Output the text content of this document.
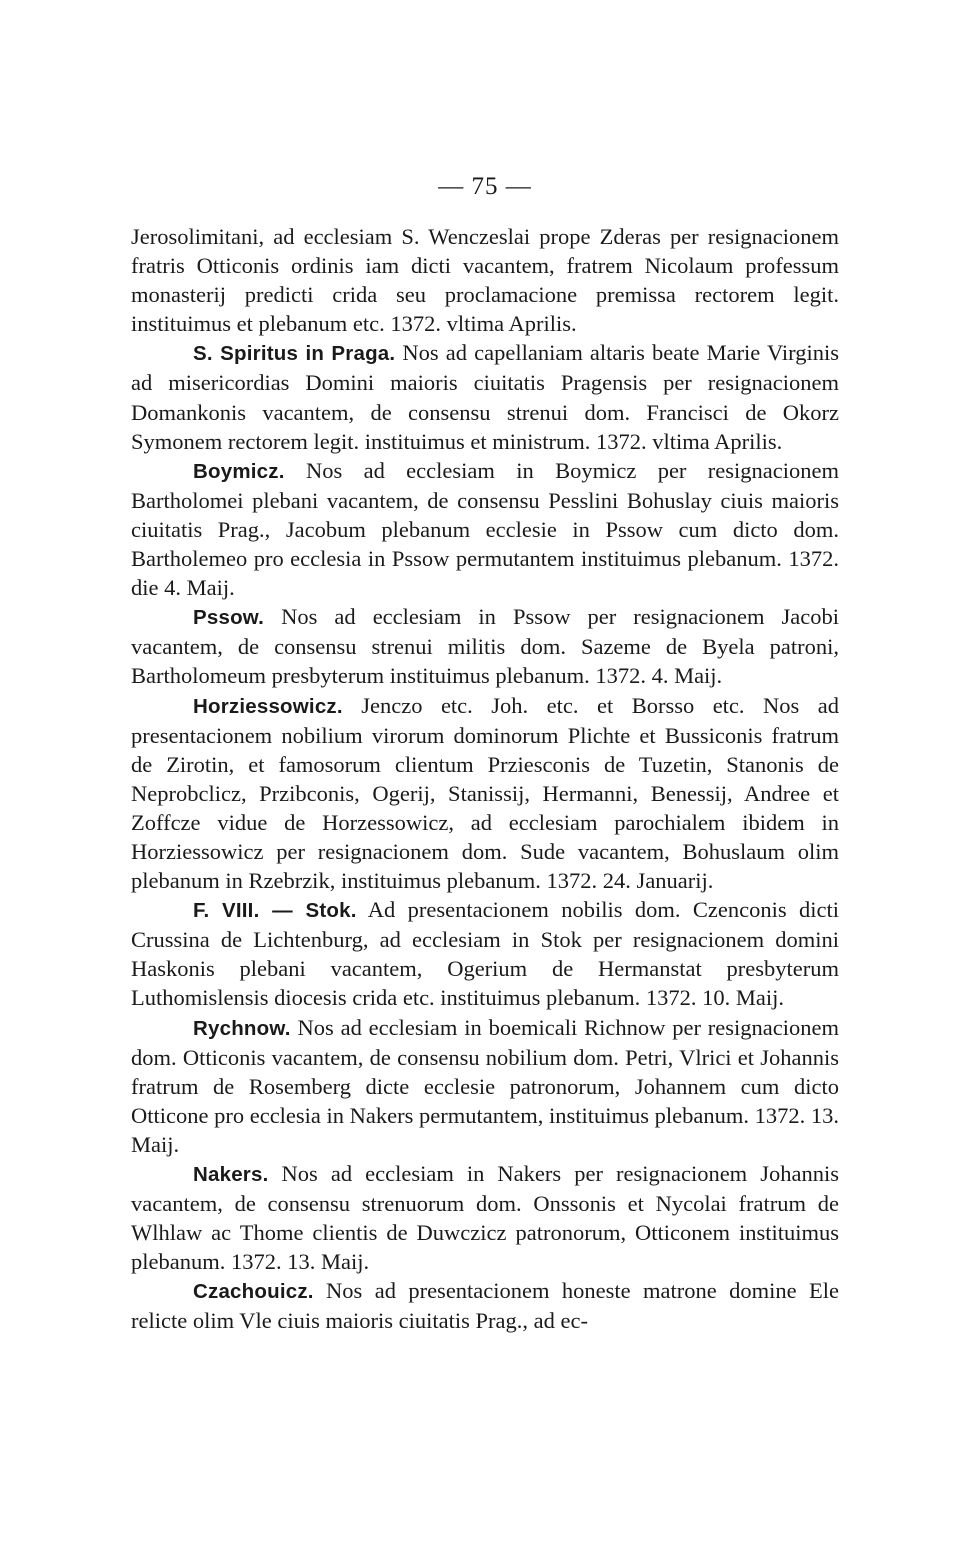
— 75 —

Jerosolimitani, ad ecclesiam S. Wenczeslai prope Zderas per resignacionem fratris Otticonis ordinis iam dicti vacantem, fratrem Nicolaum professum monasterij predicti crida seu proclamacione premissa rectorem legit. instituimus et plebanum etc. 1372. vltima Aprilis.

S. Spiritus in Praga. Nos ad capellaniam altaris beate Marie Virginis ad misericordias Domini maioris ciuitatis Pragensis per resignacionem Domankonis vacantem, de consensu strenui dom. Francisci de Okorz Symonem rectorem legit. instituimus et ministrum. 1372. vltima Aprilis.

Boymicz. Nos ad ecclesiam in Boymicz per resignacionem Bartholomei plebani vacantem, de consensu Pesslini Bohuslay ciuis maioris ciuitatis Prag., Jacobum plebanum ecclesie in Pssow cum dicto dom. Bartholemeo pro ecclesia in Pssow permutantem instituimus plebanum. 1372. die 4. Maij.

Pssow. Nos ad ecclesiam in Pssow per resignacionem Jacobi vacantem, de consensu strenui militis dom. Sazeme de Byela patroni, Bartholomeum presbyterum instituimus plebanum. 1372. 4. Maij.

Horziessowicz. Jenczo etc. Joh. etc. et Borsso etc. Nos ad presentacionem nobilium virorum dominorum Plichte et Bussiconis fratrum de Zirotin, et famosorum clientum Prziesconis de Tuzetin, Stanonis de Neprobclicz, Przibconis, Ogerij, Stanissij, Hermanni, Benessij, Andree et Zoffcze vidue de Horzessowicz, ad ecclesiam parochialem ibidem in Horziessowicz per resignacionem dom. Sude vacantem, Bohuslaum olim plebanum in Rzebrzik, instituimus plebanum. 1372. 24. Januarij.

F. VIII. — Stok. Ad presentacionem nobilis dom. Czenconis dicti Crussina de Lichtenburg, ad ecclesiam in Stok per resignacionem domini Haskonis plebani vacantem, Ogerium de Hermanstat presbyterum Luthomislensis diocesis crida etc. instituimus plebanum. 1372. 10. Maij.

Rychnow. Nos ad ecclesiam in boemicali Richnow per resignacionem dom. Otticonis vacantem, de consensu nobilium dom. Petri, Vlrici et Johannis fratrum de Rosemberg dicte ecclesie patronorum, Johannem cum dicto Otticone pro ecclesia in Nakers permutantem, instituimus plebanum. 1372. 13. Maij.

Nakers. Nos ad ecclesiam in Nakers per resignacionem Johannis vacantem, de consensu strenuorum dom. Onssonis et Nycolai fratrum de Wlhlaw ac Thome clientis de Duwczicz patronorum, Otticonem instituimus plebanum. 1372. 13. Maij.

Czachouicz. Nos ad presentacionem honeste matrone domine Ele relicte olim Vle ciuis maioris ciuitatis Prag., ad ec-
